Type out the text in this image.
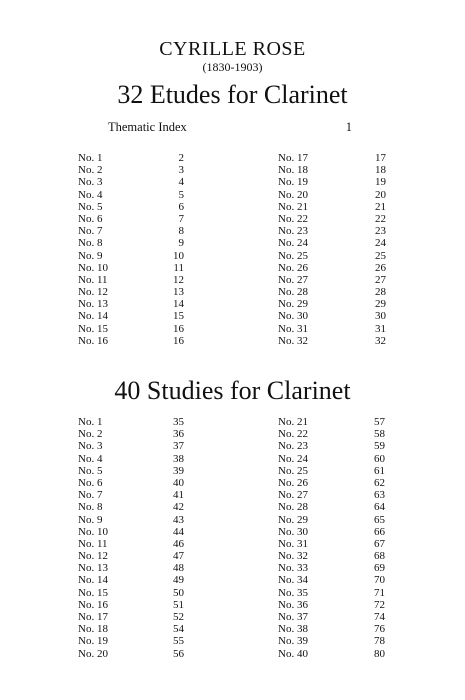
CYRILLE ROSE
(1830-1903)
32 Etudes for Clarinet
Thematic Index	1
No. 1	2
No. 2	3
No. 3	4
No. 4	5
No. 5	6
No. 6	7
No. 7	8
No. 8	9
No. 9	10
No. 10	11
No. 11	12
No. 12	13
No. 13	14
No. 14	15
No. 15	16
No. 16	16
No. 17	17
No. 18	18
No. 19	19
No. 20	20
No. 21	21
No. 22	22
No. 23	23
No. 24	24
No. 25	25
No. 26	26
No. 27	27
No. 28	28
No. 29	29
No. 30	30
No. 31	31
No. 32	32
40 Studies for Clarinet
No. 1	35
No. 2	36
No. 3	37
No. 4	38
No. 5	39
No. 6	40
No. 7	41
No. 8	42
No. 9	43
No. 10	44
No. 11	46
No. 12	47
No. 13	48
No. 14	49
No. 15	50
No. 16	51
No. 17	52
No. 18	54
No. 19	55
No. 20	56
No. 21	57
No. 22	58
No. 23	59
No. 24	60
No. 25	61
No. 26	62
No. 27	63
No. 28	64
No. 29	65
No. 30	66
No. 31	67
No. 32	68
No. 33	69
No. 34	70
No. 35	71
No. 36	72
No. 37	74
No. 38	76
No. 39	78
No. 40	80
